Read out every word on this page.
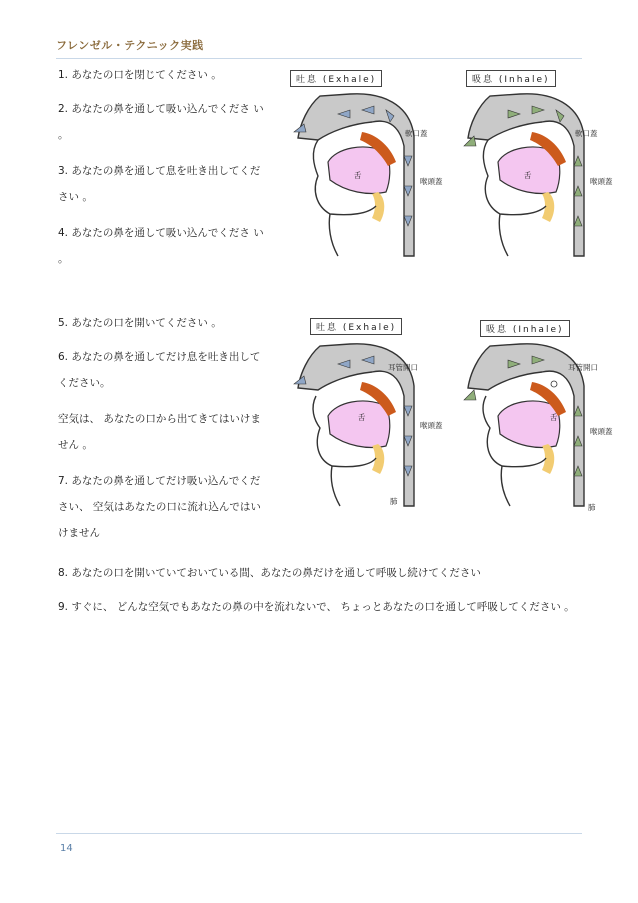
フレンゼル・テクニック実践
1. あなたの口を閉じてください 。
2. あなたの鼻を通して吸い込んでくださ い 。
3. あなたの鼻を通して息を吐き出してください 。
4. あなたの鼻を通して吸い込んでくださ い 。
5. あなたの口を開いてください 。
6. あなたの鼻を通してだけ息を吐き出してください。
空気は、 あなたの口から出てきてはいけません 。
7. あなたの鼻を通してだけ吸い込んでください、 空気はあなたの口に流れ込んではいけません
8. あなたの口を開いていておいている間、あなたの鼻だけを通して呼吸し続けてください
9. すぐに、 どんな空気でもあなたの鼻の中を流れないで、 ちょっとあなたの口を通して呼吸してください 。
吐息 (Exhale)
軟口蓋
舌
喉頭蓋
吸息 (Inhale)
軟口蓋
舌
喉頭蓋
吐息 (Exhale)
耳管開口
舌
喉頭蓋
肺
吸息 (Inhale)
耳管開口
舌
喉頭蓋
肺
14
